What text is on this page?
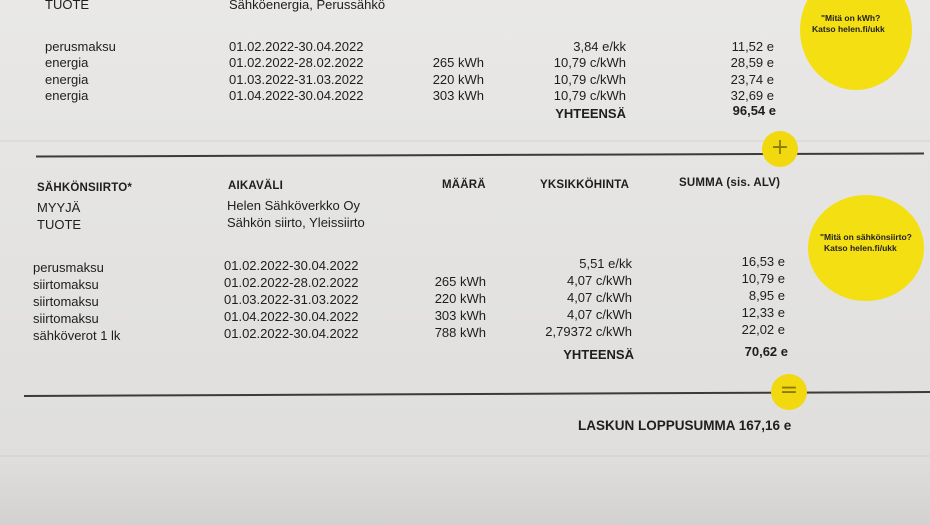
TUOTE	Sähköenergia, Perussähkö
perusmaksu	01.02.2022-30.04.2022	3,84 e/kk	11,52 e
energia	01.02.2022-28.02.2022	265 kWh	10,79 c/kWh	28,59 e
energia	01.03.2022-31.03.2022	220 kWh	10,79 c/kWh	23,74 e
energia	01.04.2022-30.04.2022	303 kWh	10,79 c/kWh	32,69 e
YHTEENSÄ	96,54 e
"Mitä on kWh?
Katso helen.fi/ukk
+
SÄHKÖNSIIRTO*	AIKAVÄLI	MÄÄRÄ	YKSIKKÖHINTA	SUMMA (sis. ALV)
MYYJÄ	Helen Sähköverkko Oy
TUOTE	Sähkön siirto, Yleissiirto
perusmaksu	01.02.2022-30.04.2022	5,51 e/kk	16,53 e
siirtomaksu	01.02.2022-28.02.2022	265 kWh	4,07 c/kWh	10,79 e
siirtomaksu	01.03.2022-31.03.2022	220 kWh	4,07 c/kWh	8,95 e
siirtomaksu	01.04.2022-30.04.2022	303 kWh	4,07 c/kWh	12,33 e
sähköverot 1 lk	01.02.2022-30.04.2022	788 kWh	2,79372 c/kWh	22,02 e
YHTEENSÄ	70,62 e
"Mitä on sähkönsiirto?
Katso helen.fi/ukk
=
LASKUN LOPPUSUMMA 167,16 e
